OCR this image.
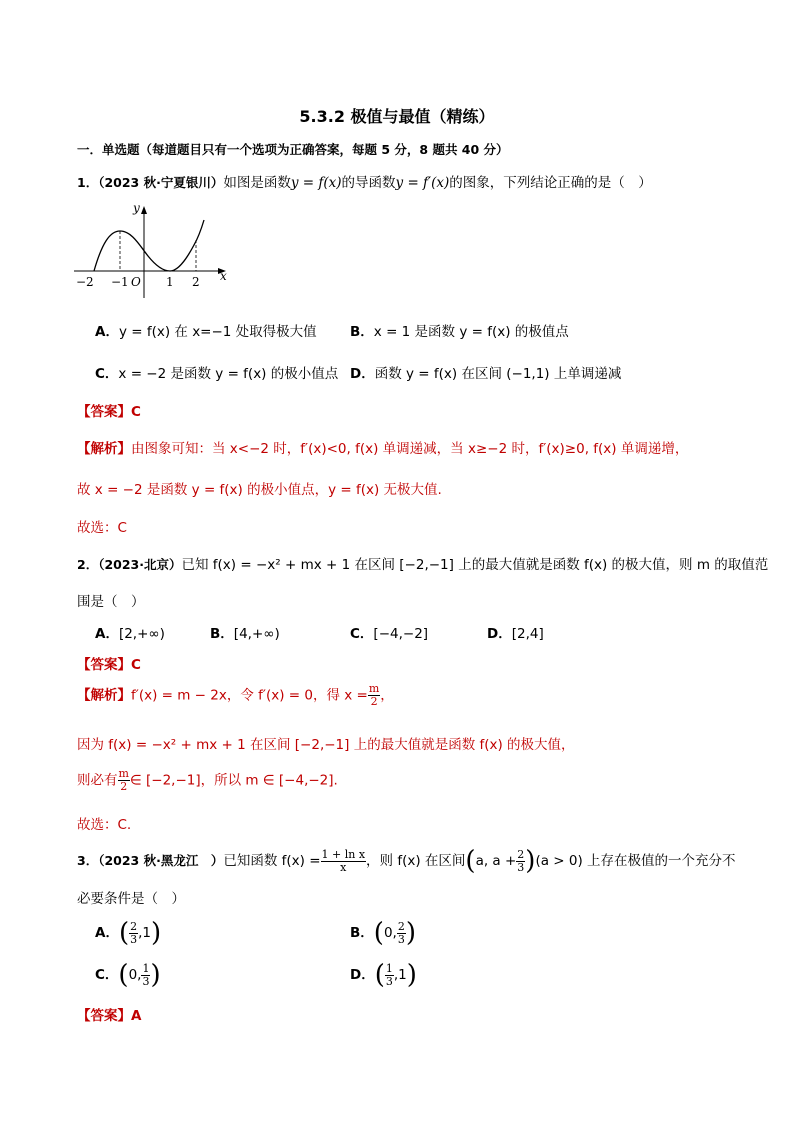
5.3.2 极值与最值（精练）
一．单选题（每道题目只有一个选项为正确答案，每题 5 分，8 题共 40 分）
1．（2023 秋·宁夏银川）如图是函数y = f(x)的导函数y = f′(x)的图象，下列结论正确的是（　）
y
x
−2 −1 O 1 2
A．y = f(x) 在 x=−1 处取得极大值 B．x = 1 是函数 y = f(x) 的极值点
C．x = −2 是函数 y = f(x) 的极小值点 D．函数 y = f(x) 在区间 (−1,1) 上单调递减
【答案】C
【解析】由图象可知：当 x<−2 时，f′(x)<0, f(x) 单调递减，当 x≥−2 时，f′(x)≥0, f(x) 单调递增，
故 x = −2 是函数 y = f(x) 的极小值点，y = f(x) 无极大值.
故选：C
2．（2023·北京）已知 f(x) = −x² + mx + 1 在区间 [−2,−1] 上的最大值就是函数 f(x) 的极大值，则 m 的取值范
围是（　）
A．[2,+∞)	B．[4,+∞)	C．[−4,−2]	D．[2,4]
【答案】C
【解析】f′(x) = m − 2x，令 f′(x) = 0，得 $x = \frac{m}{2}$ ，
因为 f(x) = −x² + mx + 1 在区间 [−2,−1] 上的最大值就是函数 f(x) 的极大值，
则必有 $\frac{m}{2}$ ∈ [−2,−1]，所以 m ∈ [−4,−2].
故选：C.
3．（2023 秋·黑龙江　）已知函数 $f(x) = \frac{\text{1 + ln x}}{x}$ ，则 f(x) 在区间(a, $a + \frac{2}{3} )(a > 0)$ 上存在极值的一个充分不
必要条件是（　）
A．( $\frac{2}{3} ,1$)	B．(0, $\frac{2}{3}$ )
C．(0, $\frac{1}{3}$ )	D．( $\frac{1}{3} ,1$)
【答案】A
